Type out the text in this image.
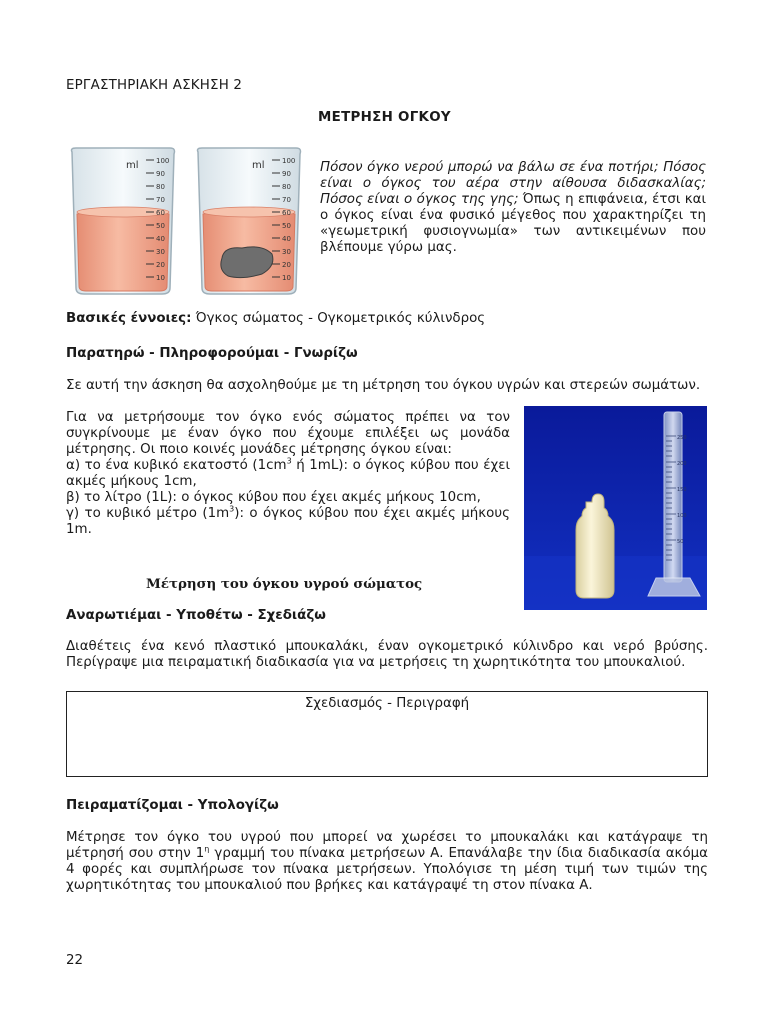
ΕΡΓΑΣΤΗΡΙΑΚΗ ΑΣΚΗΣΗ 2
ΜΕΤΡΗΣΗ ΟΓΚΟΥ
ml 100
90
80
70
60
50
40
30
20
10
ml 100
90
80
70
60
50
40
30
20
10
Πόσον όγκο νερού μπορώ να βάλω σε ένα ποτήρι; Πόσος είναι ο όγκος του αέρα στην αίθουσα διδασκαλίας; Πόσος είναι ο όγκος της γης; Όπως η επιφάνεια, έτσι και ο όγκος είναι ένα φυσικό μέγεθος που χαρακτηρίζει τη «γεωμετρική φυσιογνωμία» των αντικειμένων που βλέπουμε γύρω μας.
Βασικές έννοιες: Όγκος σώματος - Ογκομετρικός κύλινδρος
Παρατηρώ - Πληροφορούμαι - Γνωρίζω
Σε αυτή την άσκηση θα ασχοληθούμε με τη μέτρηση του όγκου υγρών και στερεών σωμάτων.
Για να μετρήσουμε τον όγκο ενός σώματος πρέπει να τον συγκρίνουμε με έναν όγκο που έχουμε επιλέξει ως μονάδα μέτρησης. Οι ποιο κοινές μονάδες μέτρησης όγκου είναι:
α) το ένα κυβικό εκατοστό ($1cm^3$ ή 1mL): ο όγκος κύβου που έχει ακμές μήκους 1cm,
β) το λίτρο (1L): ο όγκος κύβου που έχει ακμές μήκους 10cm,
γ) το κυβικό μέτρο $(1m^3)$: ο όγκος κύβου που έχει ακμές μήκους 1m.
250
200
150
100
50
Μέτρηση του όγκου υγρού σώματος
Αναρωτιέμαι - Υποθέτω - Σχεδιάζω
Διαθέτεις ένα κενό πλαστικό μπουκαλάκι, έναν ογκομετρικό κύλινδρο και νερό βρύσης. Περίγραψε μια πειραματική διαδικασία για να μετρήσεις τη χωρητικότητα του μπουκαλιού.
Σχεδιασμός - Περιγραφή
Πειραματίζομαι - Υπολογίζω
Μέτρησε τον όγκο του υγρού που μπορεί να χωρέσει το μπουκαλάκι και κατάγραψε τη μέτρησή σου στην $1^\eta$ γραμμή του πίνακα μετρήσεων Α. Επανάλαβε την ίδια διαδικασία ακόμα 4 φορές και συμπλήρωσε τον πίνακα μετρήσεων. Υπολόγισε τη μέση τιμή των τιμών της χωρητικότητας του μπουκαλιού που βρήκες και κατάγραψέ τη στον πίνακα Α.
22
